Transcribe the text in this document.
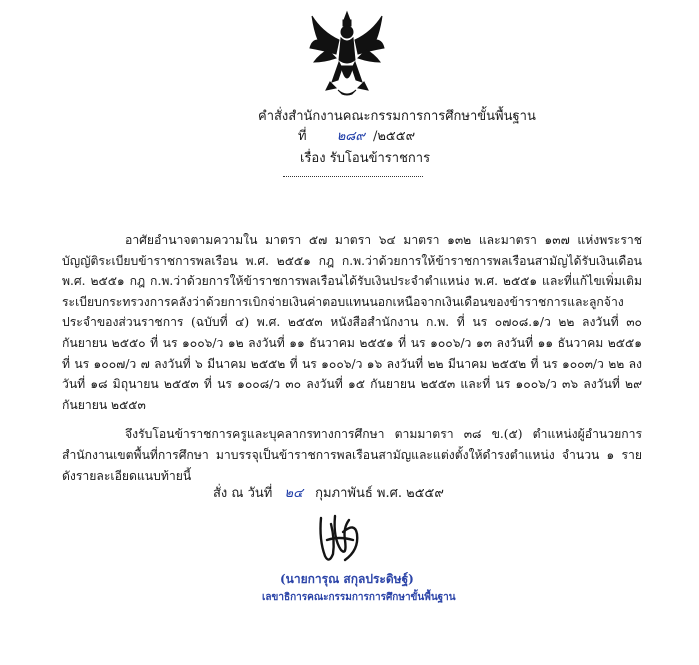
คำสั่งสำนักงานคณะกรรมการการศึกษาขั้นพื้นฐาน
ที่ ๒๘๙ /๒๕๕๙
เรื่อง รับโอนข้าราชการ

อาศัยอำนาจตามความใน มาตรา ๕๗ มาตรา ๖๔ มาตรา ๑๓๒ และมาตรา ๑๓๗ แห่งพระราชบัญญัติระเบียบข้าราชการพลเรือน พ.ศ. ๒๕๕๑ กฎ ก.พ.ว่าด้วยการให้ข้าราชการพลเรือนสามัญได้รับเงินเดือน พ.ศ. ๒๕๕๑ กฎ ก.พ.ว่าด้วยการให้ข้าราชการพลเรือนได้รับเงินประจำตำแหน่ง พ.ศ. ๒๕๕๑ และที่แก้ไขเพิ่มเติม ระเบียบกระทรวงการคลังว่าด้วยการเบิกจ่ายเงินค่าตอบแทนนอกเหนือจากเงินเดือนของข้าราชการและลูกจ้างประจำของส่วนราชการ (ฉบับที่ ๔) พ.ศ. ๒๕๕๓ หนังสือสำนักงาน ก.พ. ที่ นร ๐๗๐๘.๑/ว ๒๒ ลงวันที่ ๓๐ กันยายน ๒๕๕๐ ที่ นร ๑๐๐๖/ว ๑๒ ลงวันที่ ๑๑ ธันวาคม ๒๕๕๑ ที่ นร ๑๐๐๖/ว ๑๓ ลงวันที่ ๑๑ ธันวาคม ๒๕๕๑ ที่ นร ๑๐๐๗/ว ๗ ลงวันที่ ๖ มีนาคม ๒๕๕๒ ที่ นร ๑๐๐๖/ว ๑๖ ลงวันที่ ๒๒ มีนาคม ๒๕๕๒ ที่ นร ๑๐๐๓/ว ๒๒ ลงวันที่ ๑๘ มิถุนายน ๒๕๕๓ ที่ นร ๑๐๐๘/ว ๓๐ ลงวันที่ ๑๕ กันยายน ๒๕๕๓ และที่ นร ๑๐๐๖/ว ๓๖ ลงวันที่ ๒๙ กันยายน ๒๕๕๓

จึงรับโอนข้าราชการครูและบุคลากรทางการศึกษา ตามมาตรา ๓๘ ข.(๕) ตำแหน่งผู้อำนวยการสำนักงานเขตพื้นที่การศึกษา มาบรรจุเป็นข้าราชการพลเรือนสามัญและแต่งตั้งให้ดำรงตำแหน่ง จำนวน ๑ ราย ดังรายละเอียดแนบท้ายนี้

สั่ง ณ วันที่ ๒๔ กุมภาพันธ์ พ.ศ. ๒๕๕๙
(นายการุณ สกุลประดิษฐ์)
เลขาธิการคณะกรรมการการศึกษาขั้นพื้นฐาน
